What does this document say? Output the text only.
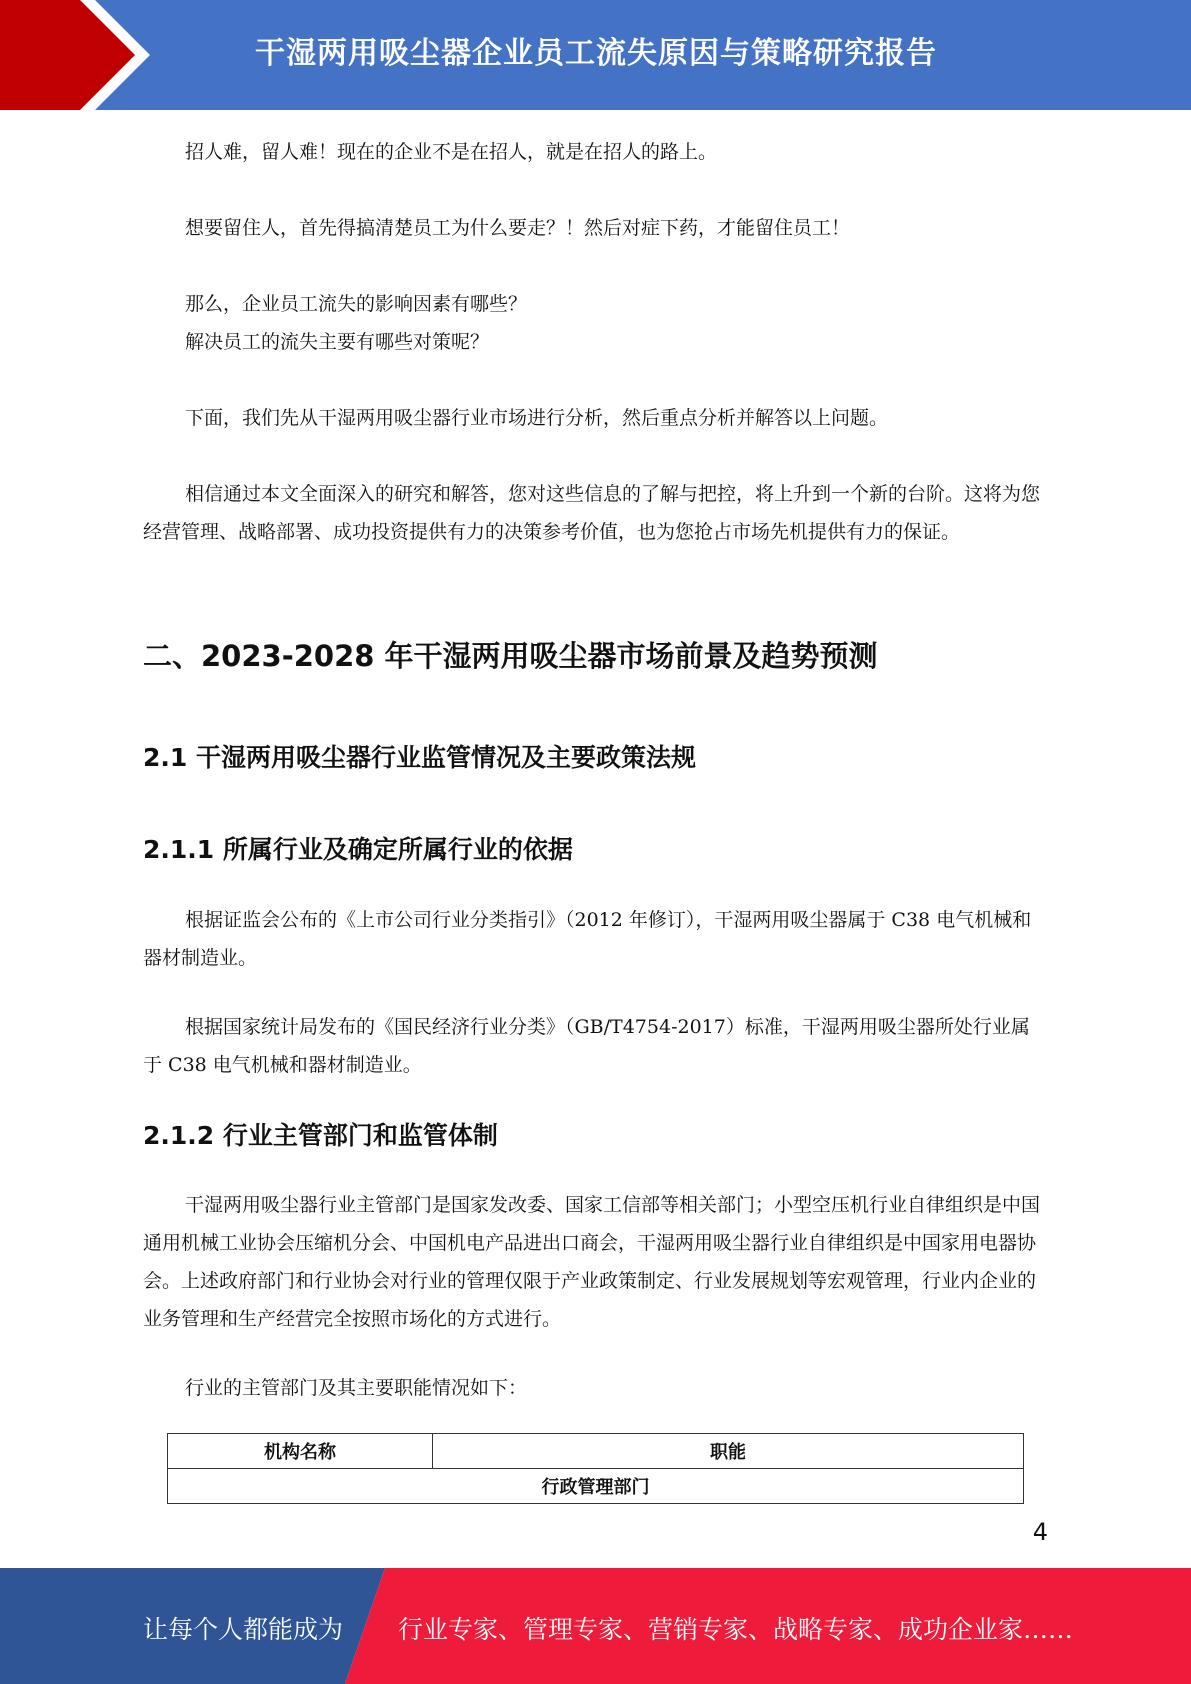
干湿两用吸尘器企业员工流失原因与策略研究报告

招人难，留人难！现在的企业不是在招人，就是在招人的路上。

想要留住人，首先得搞清楚员工为什么要走？！然后对症下药，才能留住员工！

那么，企业员工流失的影响因素有哪些？

解决员工的流失主要有哪些对策呢？

下面，我们先从干湿两用吸尘器行业市场进行分析，然后重点分析并解答以上问题。

相信通过本文全面深入的研究和解答，您对这些信息的了解与把控，将上升到一个新的台阶。这将为您经营管理、战略部署、成功投资提供有力的决策参考价值，也为您抢占市场先机提供有力的保证。

二、2023-2028 年干湿两用吸尘器市场前景及趋势预测
2.1 干湿两用吸尘器行业监管情况及主要政策法规
2.1.1 所属行业及确定所属行业的依据

根据证监会公布的《上市公司行业分类指引》（2012 年修订），干湿两用吸尘器属于 C38 电气机械和器材制造业。

根据国家统计局发布的《国民经济行业分类》（GB/T4754-2017）标准，干湿两用吸尘器所处行业属于 C38 电气机械和器材制造业。

2.1.2 行业主管部门和监管体制

干湿两用吸尘器行业主管部门是国家发改委、国家工信部等相关部门；小型空压机行业自律组织是中国通用机械工业协会压缩机分会、中国机电产品进出口商会，干湿两用吸尘器行业自律组织是中国家用电器协会。上述政府部门和行业协会对行业的管理仅限于产业政策制定、行业发展规划等宏观管理，行业内企业的业务管理和生产经营完全按照市场化的方式进行。

行业的主管部门及其主要职能情况如下：

机构名称	职能
行政管理部门
4
让每个人都能成为 行业专家、管理专家、营销专家、战略专家、成功企业家……
